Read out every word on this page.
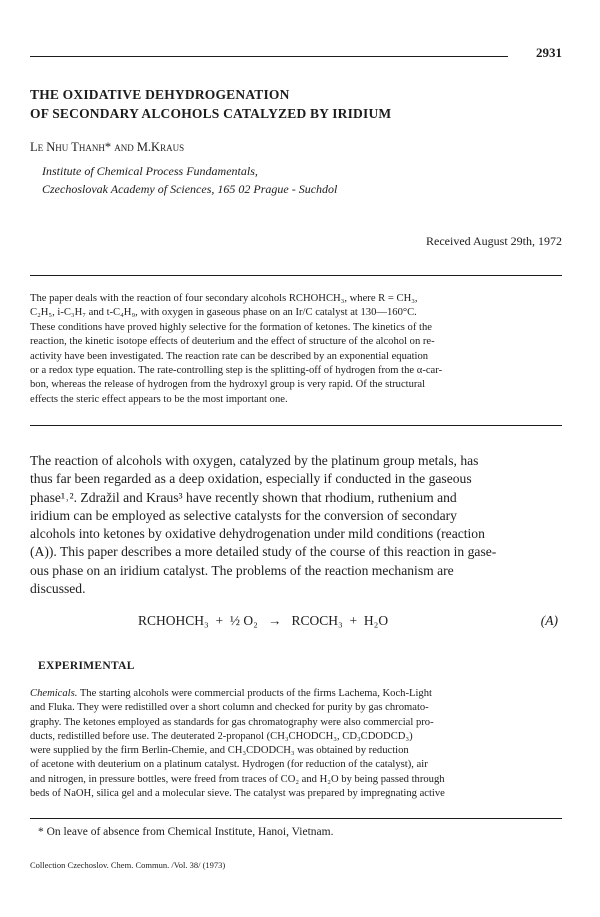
2931
THE OXIDATIVE DEHYDROGENATION
OF SECONDARY ALCOHOLS CATALYZED BY IRIDIUM
Le Nhu Thanh* and M.Kraus
Institute of Chemical Process Fundamentals,
Czechoslovak Academy of Sciences, 165 02 Prague - Suchdol
Received August 29th, 1972
The paper deals with the reaction of four secondary alcohols RCHOHCH₃, where R = CH₃,
C₂H₅, i-C₃H₇ and t-C₄H₉, with oxygen in gaseous phase on an Ir/C catalyst at 130—160°C.
These conditions have proved highly selective for the formation of ketones. The kinetics of the
reaction, the kinetic isotope effects of deuterium and the effect of structure of the alcohol on re-
activity have been investigated. The reaction rate can be described by an exponential equation
or a redox type equation. The rate-controlling step is the splitting-off of hydrogen from the α-car-
bon, whereas the release of hydrogen from the hydroxyl group is very rapid. Of the structural
effects the steric effect appears to be the most important one.
The reaction of alcohols with oxygen, catalyzed by the platinum group metals, has
thus far been regarded as a deep oxidation, especially if conducted in the gaseous
phase¹˒². Zdražil and Kraus³ have recently shown that rhodium, ruthenium and
iridium can be employed as selective catalysts for the conversion of secondary
alcohols into ketones by oxidative dehydrogenation under mild conditions (reaction
(A)). This paper describes a more detailed study of the course of this reaction in gase-
ous phase on an iridium catalyst. The problems of the reaction mechanism are
discussed.
RCHOHCH₃  +  ½ O₂   →   RCOCH₃  +  H₂O	(A)
EXPERIMENTAL
Chemicals. The starting alcohols were commercial products of the firms Lachema, Koch-Light
and Fluka. They were redistilled over a short column and checked for purity by gas chromato-
graphy. The ketones employed as standards for gas chromatography were also commercial pro-
ducts, redistilled before use. The deuterated 2-propanol (CH₃CHODCH₃, CD₃CDODCD₃)
were supplied by the firm Berlin-Chemie, and CH₃CDODCH₃ was obtained by reduction
of acetone with deuterium on a platinum catalyst. Hydrogen (for reduction of the catalyst), air
and nitrogen, in pressure bottles, were freed from traces of CO₂ and H₂O by being passed through
beds of NaOH, silica gel and a molecular sieve. The catalyst was prepared by impregnating active
* On leave of absence from Chemical Institute, Hanoi, Vietnam.
Collection Czechoslov. Chem. Commun. /Vol. 38/ (1973)
